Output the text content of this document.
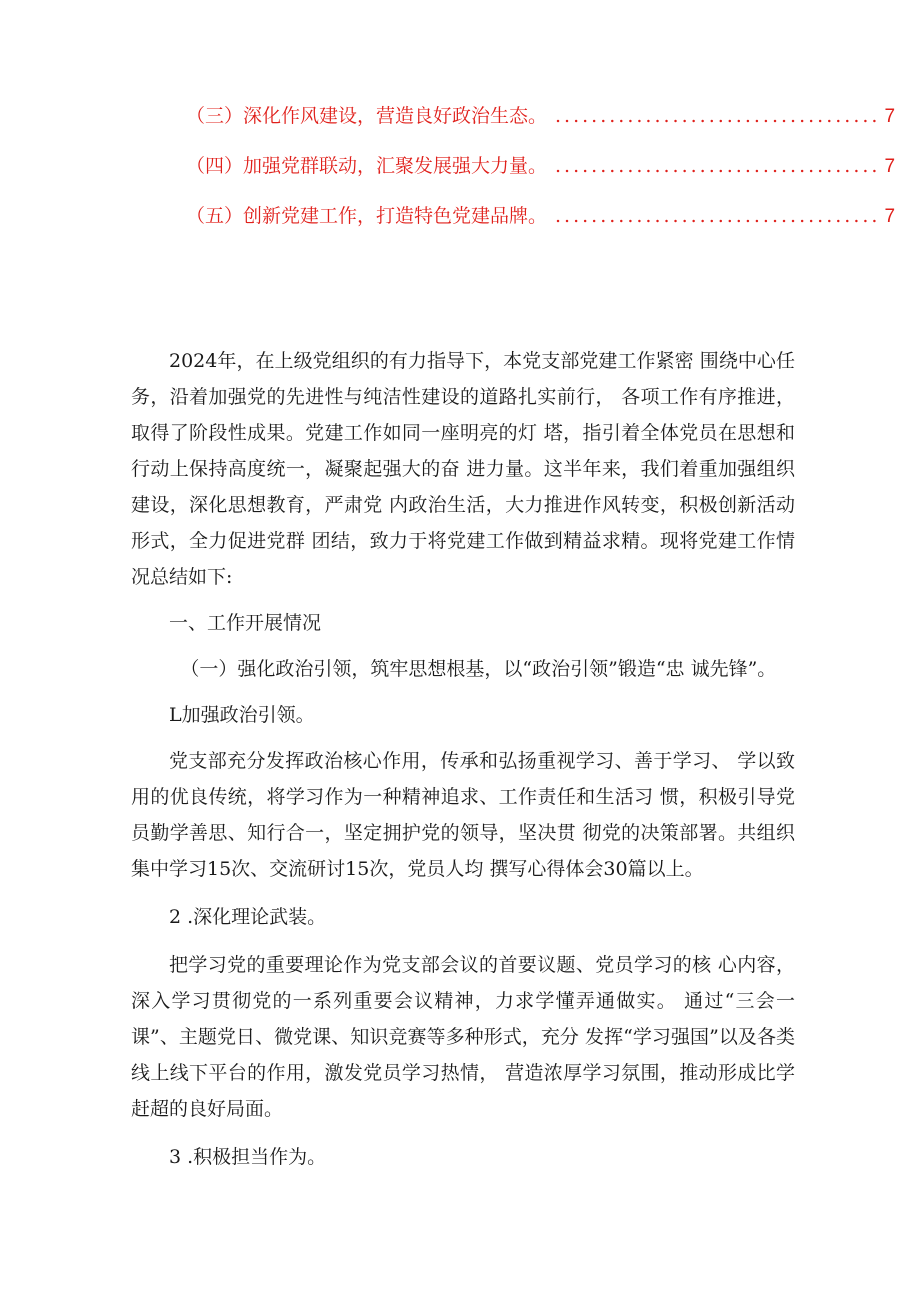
（三）深化作风建设，营造良好政治生态。 .................................... 7
（四）加强党群联动，汇聚发展强大力量。 .................................... 7
（五）创新党建工作，打造特色党建品牌。 .................................... 7

2024年，在上级党组织的有力指导下，本党支部党建工作紧密 围绕中心任务，沿着加强党的先进性与纯洁性建设的道路扎实前行， 各项工作有序推进，取得了阶段性成果。党建工作如同一座明亮的灯 塔，指引着全体党员在思想和行动上保持高度统一，凝聚起强大的奋 进力量。这半年来，我们着重加强组织建设，深化思想教育，严肃党 内政治生活，大力推进作风转变，积极创新活动形式，全力促进党群 团结，致力于将党建工作做到精益求精。现将党建工作情况总结如下:

一、工作开展情况

（一）强化政治引领，筑牢思想根基，以“政治引领”锻造“忠 诚先锋”。

L加强政治引领。

党支部充分发挥政治核心作用，传承和弘扬重视学习、善于学习、 学以致用的优良传统，将学习作为一种精神追求、工作责任和生活习 惯，积极引导党员勤学善思、知行合一，坚定拥护党的领导，坚决贯 彻党的决策部署。共组织集中学习15次、交流研讨15次，党员人均 撰写心得体会30篇以上。

2 .深化理论武装。

把学习党的重要理论作为党支部会议的首要议题、党员学习的核 心内容，深入学习贯彻党的一系列重要会议精神，力求学懂弄通做实。 通过“三会一课”、主题党日、微党课、知识竞赛等多种形式，充分 发挥“学习强国”以及各类线上线下平台的作用，激发党员学习热情， 营造浓厚学习氛围，推动形成比学赶超的良好局面。

3 .积极担当作为。
